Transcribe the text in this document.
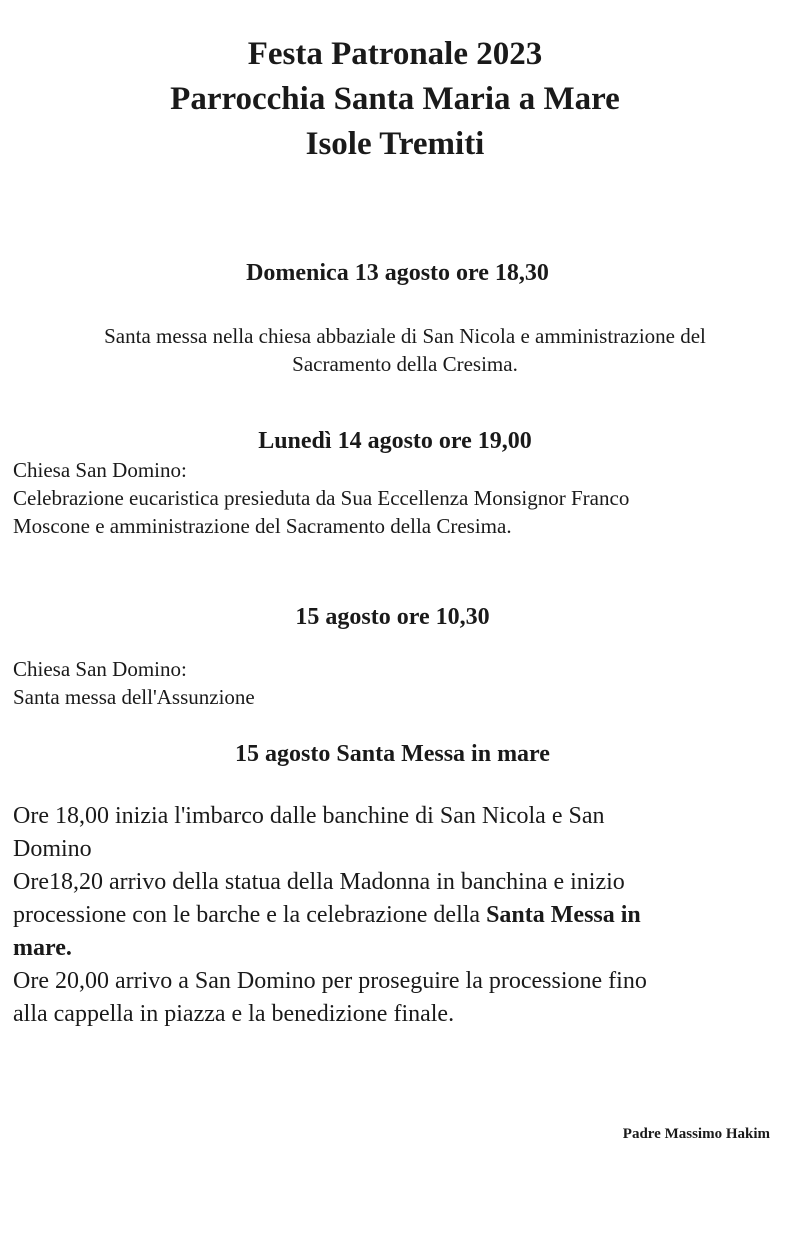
Festa Patronale 2023
Parrocchia Santa Maria a Mare
Isole Tremiti
Domenica 13 agosto ore 18,30
Santa messa nella chiesa abbaziale di San Nicola e amministrazione del
Sacramento della Cresima.
Lunedì 14 agosto ore 19,00
Chiesa San Domino:
Celebrazione eucaristica presieduta da Sua Eccellenza Monsignor Franco
Moscone e amministrazione del Sacramento della Cresima.
15 agosto ore 10,30
Chiesa San Domino:
Santa messa dell'Assunzione
15 agosto Santa Messa in mare
Ore 18,00 inizia l'imbarco dalle banchine di San Nicola e San
Domino
Ore18,20 arrivo della statua della Madonna in banchina e inizio
processione con le barche e la celebrazione della Santa Messa in
mare.
Ore 20,00 arrivo a San Domino per proseguire la processione fino
alla cappella in piazza e la benedizione finale.
Padre Massimo Hakim
